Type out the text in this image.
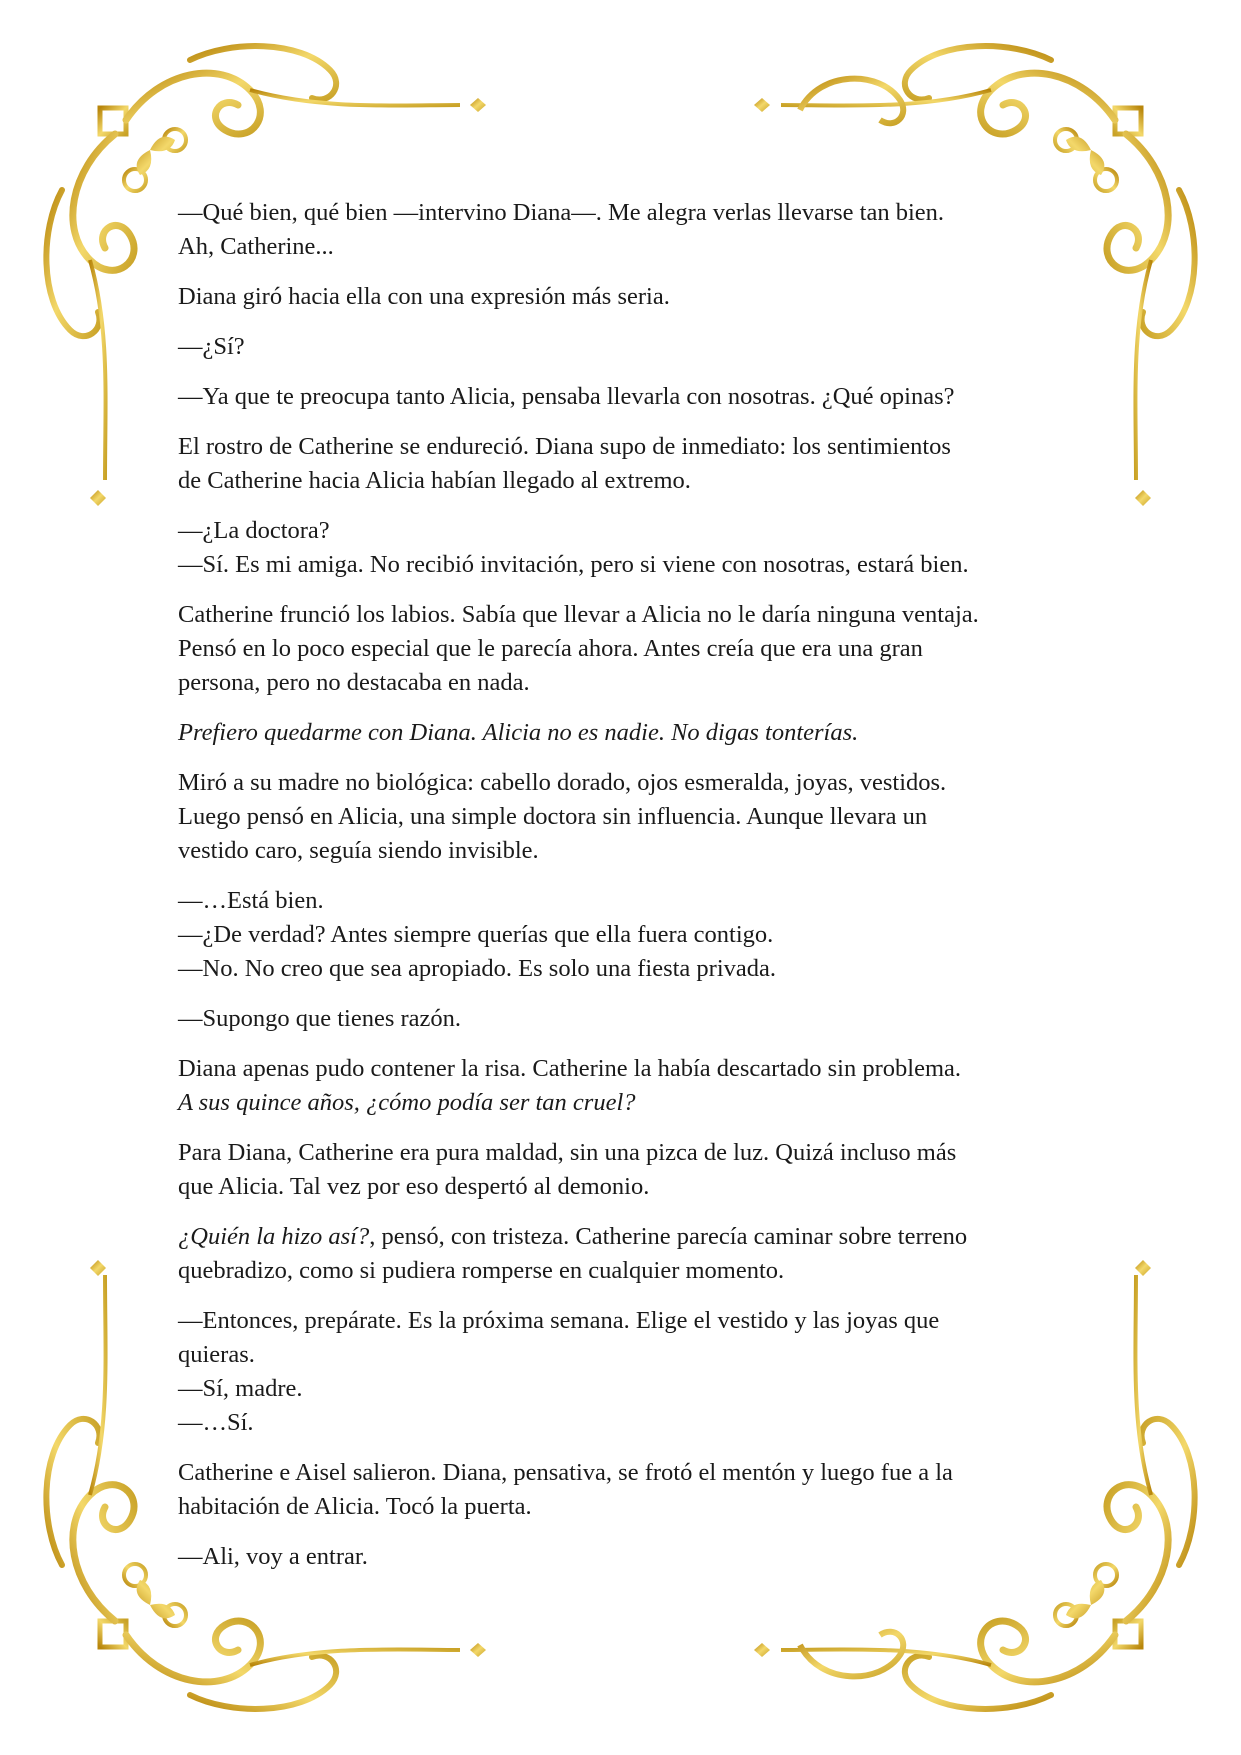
—Qué bien, qué bien —intervino Diana—. Me alegra verlas llevarse tan bien.
Ah, Catherine...

Diana giró hacia ella con una expresión más seria.

—¿Sí?

—Ya que te preocupa tanto Alicia, pensaba llevarla con nosotras. ¿Qué opinas?

El rostro de Catherine se endureció. Diana supo de inmediato: los sentimientos
de Catherine hacia Alicia habían llegado al extremo.

—¿La doctora?
—Sí. Es mi amiga. No recibió invitación, pero si viene con nosotras, estará bien.

Catherine frunció los labios. Sabía que llevar a Alicia no le daría ninguna ventaja.
Pensó en lo poco especial que le parecía ahora. Antes creía que era una gran
persona, pero no destacaba en nada.

Prefiero quedarme con Diana. Alicia no es nadie. No digas tonterías.

Miró a su madre no biológica: cabello dorado, ojos esmeralda, joyas, vestidos.
Luego pensó en Alicia, una simple doctora sin influencia. Aunque llevara un
vestido caro, seguía siendo invisible.

—…Está bien.
—¿De verdad? Antes siempre querías que ella fuera contigo.
—No. No creo que sea apropiado. Es solo una fiesta privada.

—Supongo que tienes razón.

Diana apenas pudo contener la risa. Catherine la había descartado sin problema.
A sus quince años, ¿cómo podía ser tan cruel?

Para Diana, Catherine era pura maldad, sin una pizca de luz. Quizá incluso más
que Alicia. Tal vez por eso despertó al demonio.

¿Quién la hizo así?, pensó, con tristeza. Catherine parecía caminar sobre terreno
quebradizo, como si pudiera romperse en cualquier momento.

—Entonces, prepárate. Es la próxima semana. Elige el vestido y las joyas que
quieras.
—Sí, madre.
—…Sí.

Catherine e Aisel salieron. Diana, pensativa, se frotó el mentón y luego fue a la
habitación de Alicia. Tocó la puerta.

—Ali, voy a entrar.
